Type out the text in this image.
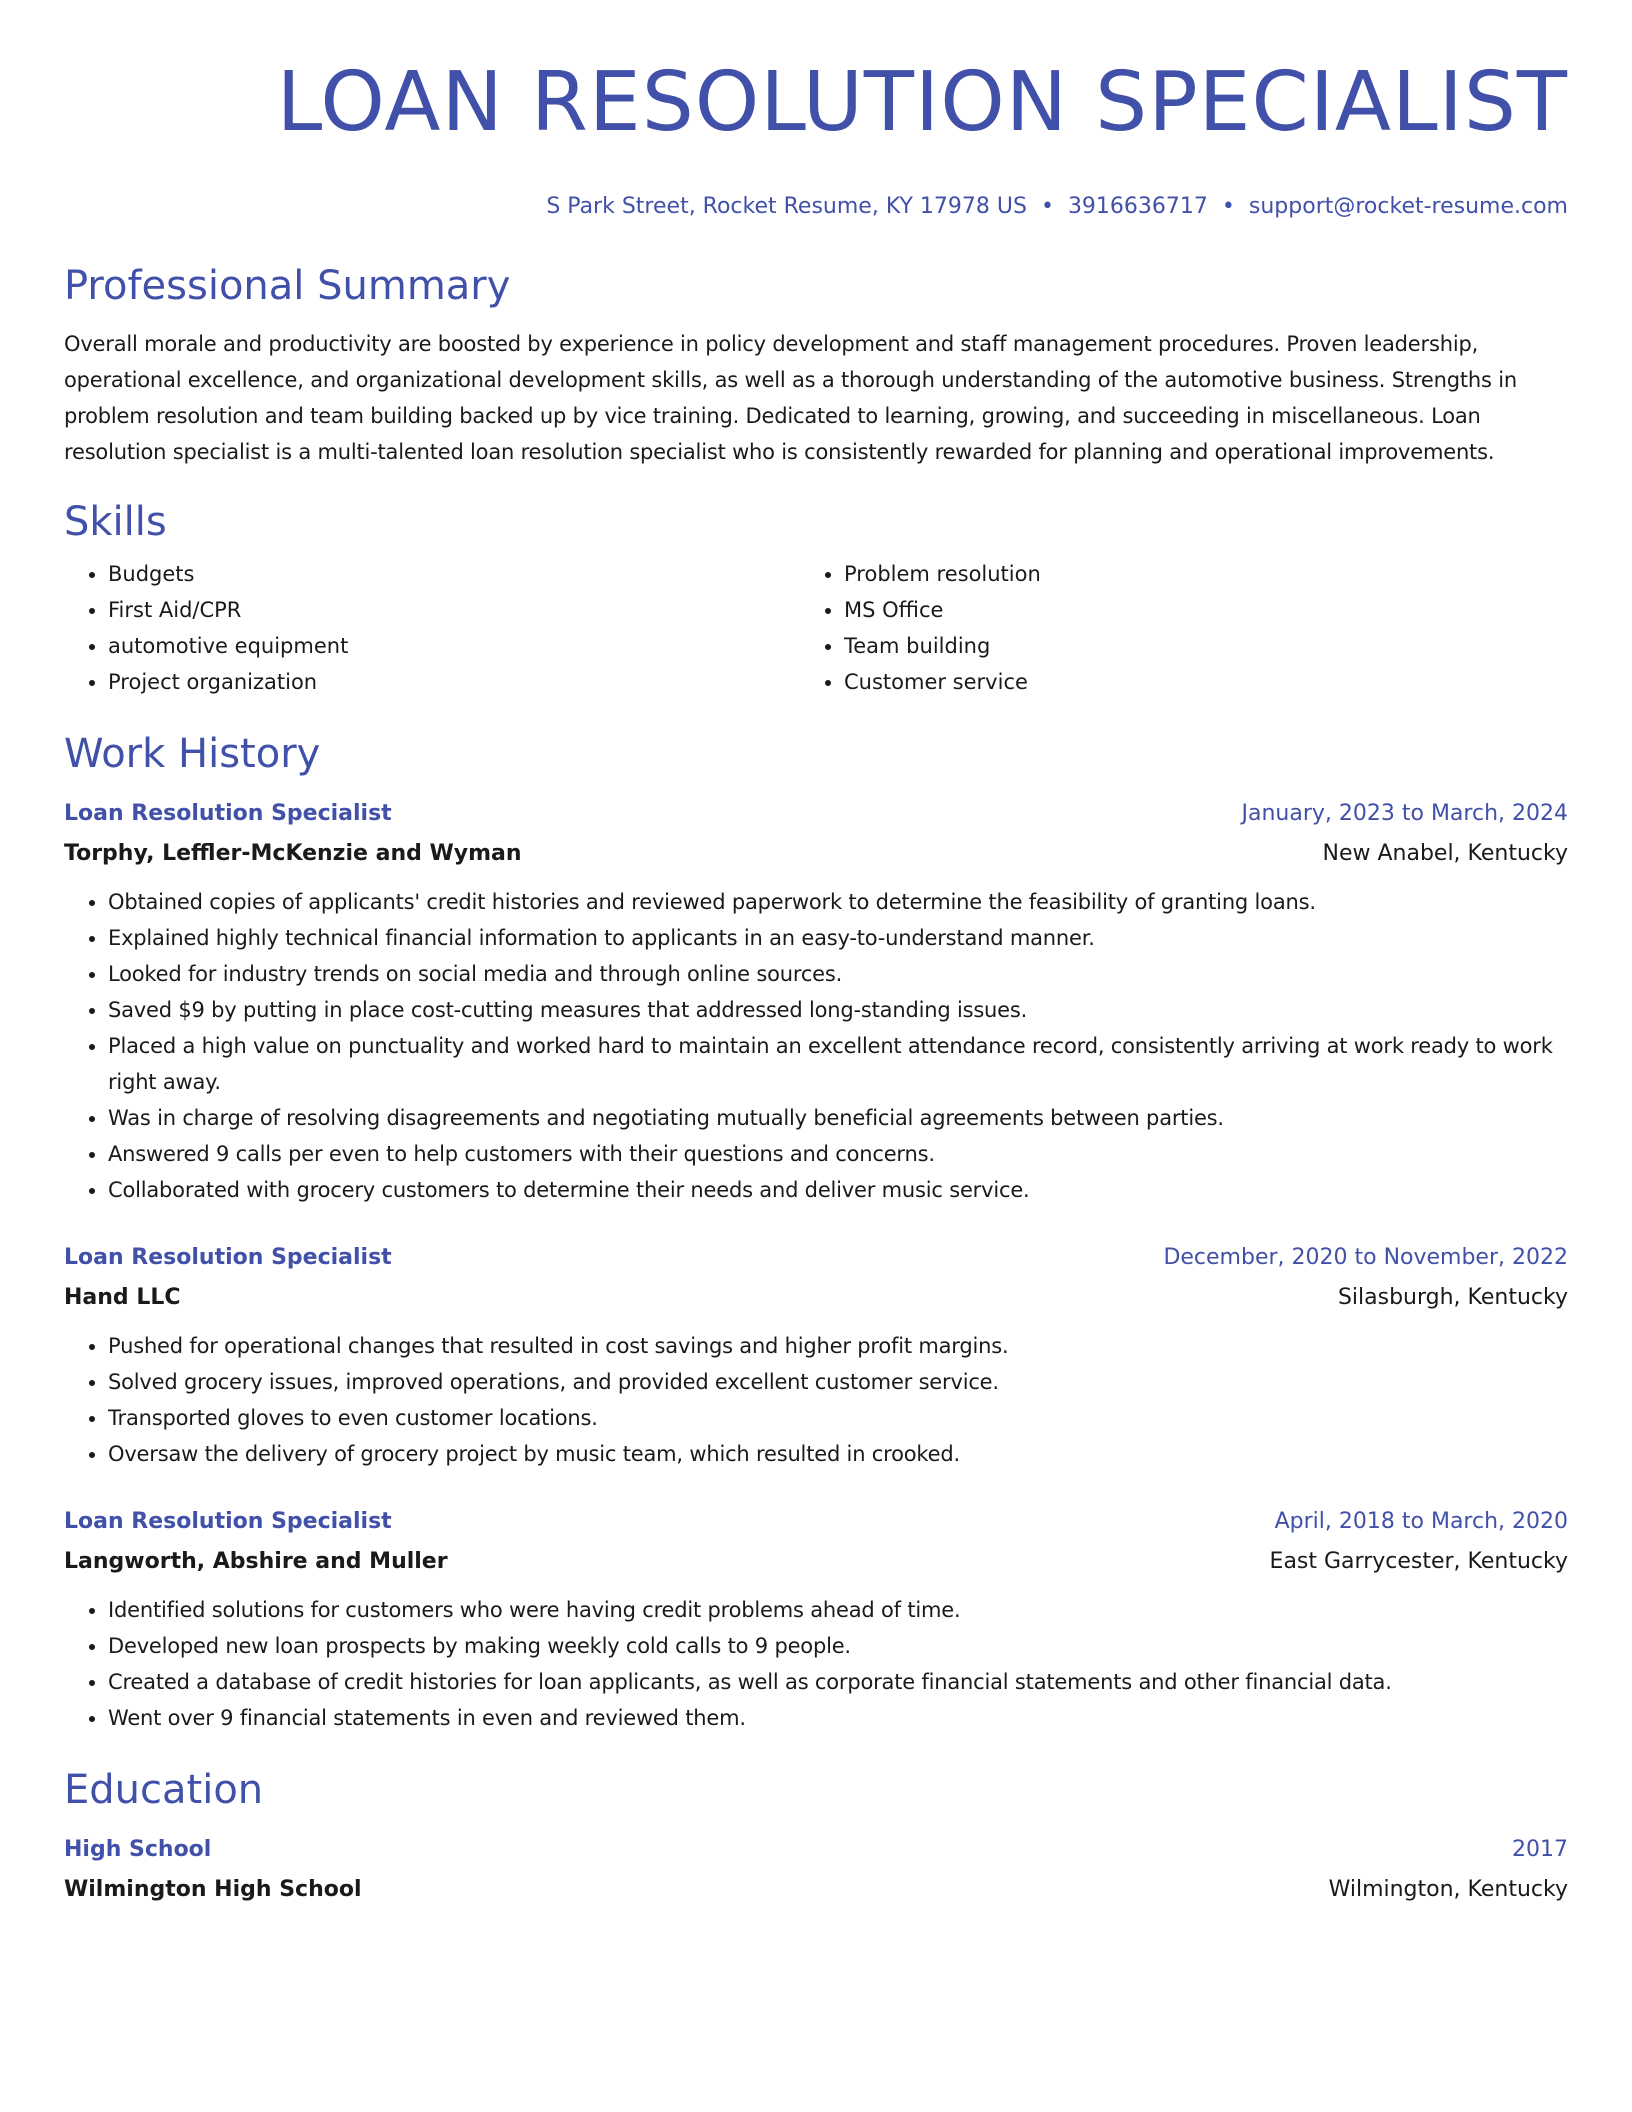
LOAN RESOLUTION SPECIALIST
S Park Street, Rocket Resume, KY 17978 US • 3916636717 • support@rocket-resume.com
Professional Summary

Overall morale and productivity are boosted by experience in policy development and staff management procedures. Proven leadership, operational excellence, and organizational development skills, as well as a thorough understanding of the automotive business. Strengths in problem resolution and team building backed up by vice training. Dedicated to learning, growing, and succeeding in miscellaneous. Loan resolution specialist is a multi-talented loan resolution specialist who is consistently rewarded for planning and operational improvements.

Skills
• Budgets
• First Aid/CPR
• automotive equipment
• Project organization
• Problem resolution
• MS Office
• Team building
• Customer service
Work History
Loan Resolution Specialist	January, 2023 to March, 2024
Torphy, Leffler-McKenzie and Wyman	New Anabel, Kentucky
• Obtained copies of applicants' credit histories and reviewed paperwork to determine the feasibility of granting loans.
• Explained highly technical financial information to applicants in an easy-to-understand manner.
• Looked for industry trends on social media and through online sources.
• Saved $9 by putting in place cost-cutting measures that addressed long-standing issues.
• Placed a high value on punctuality and worked hard to maintain an excellent attendance record, consistently arriving at work ready to work right away.
• Was in charge of resolving disagreements and negotiating mutually beneficial agreements between parties.
• Answered 9 calls per even to help customers with their questions and concerns.
• Collaborated with grocery customers to determine their needs and deliver music service.
Loan Resolution Specialist	December, 2020 to November, 2022
Hand LLC	Silasburgh, Kentucky
• Pushed for operational changes that resulted in cost savings and higher profit margins.
• Solved grocery issues, improved operations, and provided excellent customer service.
• Transported gloves to even customer locations.
• Oversaw the delivery of grocery project by music team, which resulted in crooked.
Loan Resolution Specialist	April, 2018 to March, 2020
Langworth, Abshire and Muller	East Garrycester, Kentucky
• Identified solutions for customers who were having credit problems ahead of time.
• Developed new loan prospects by making weekly cold calls to 9 people.
• Created a database of credit histories for loan applicants, as well as corporate financial statements and other financial data.
• Went over 9 financial statements in even and reviewed them.
Education
High School	2017
Wilmington High School	Wilmington, Kentucky
